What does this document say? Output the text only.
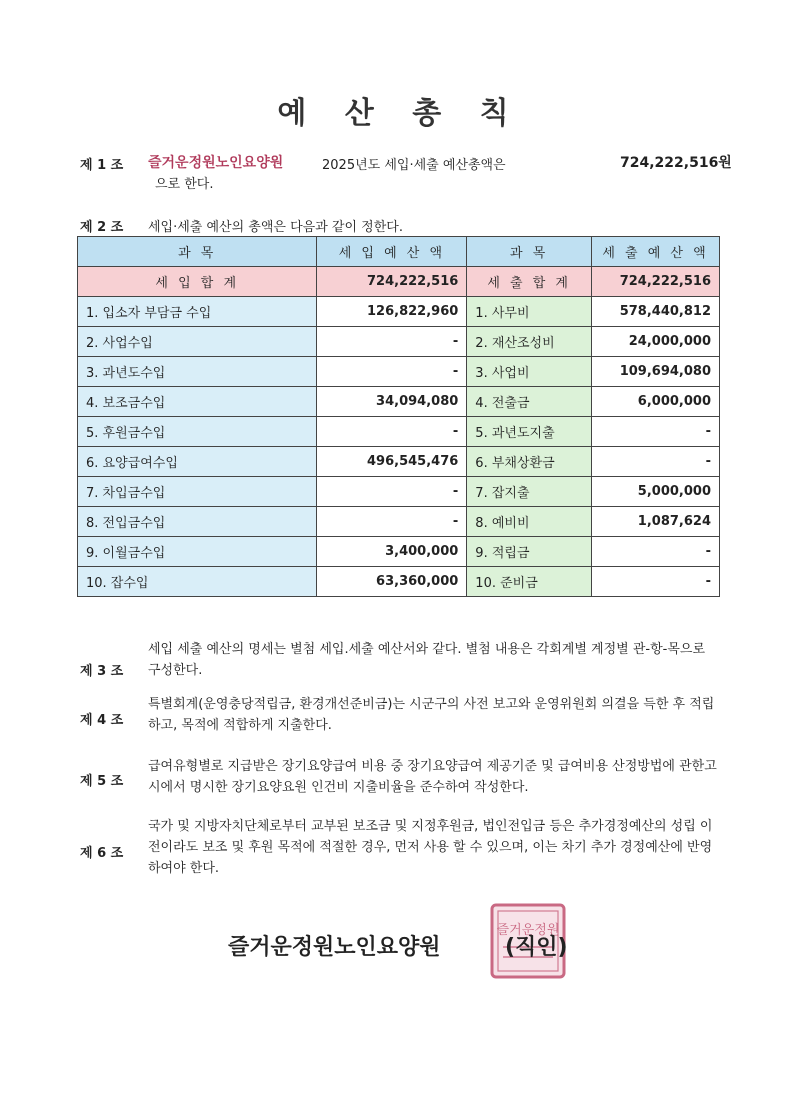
예 산 총 칙
제 1 조 즐거운정원노인요양원	2025년도 세입·세출 예산총액은	724,222,516원
으로 한다.
제 2 조 세입·세출 예산의 총액은 다음과 같이 정한다.
과 목	세 입 예 산 액	과 목	세 출 예 산 액
세 입 합 계	724,222,516	세 출 합 계	724,222,516
1. 입소자 부담금 수입	126,822,960	1. 사무비	578,440,812
2. 사업수입	-	2. 재산조성비	24,000,000
3. 과년도수입	-	3. 사업비	109,694,080
4. 보조금수입	34,094,080	4. 전출금	6,000,000
5. 후원금수입	-	5. 과년도지출	-
6. 요양급여수입	496,545,476	6. 부채상환금	-
7. 차입금수입	-	7. 잡지출	5,000,000
8. 전입금수입	-	8. 예비비	1,087,624
9. 이월금수입	3,400,000	9. 적립금	-
10. 잡수입	63,360,000	10. 준비금	-
제 3 조
세입 세출 예산의 명세는 별첨 세입.세출 예산서와 같다. 별첨 내용은 각회계별 계정별 관-항-목으로 구성한다.
제 4 조
특별회계(운영충당적립금, 환경개선준비금)는 시군구의 사전 보고와 운영위원회 의결을 득한 후 적립하고, 목적에 적합하게 지출한다.
제 5 조
급여유형별로 지급받은 장기요양급여 비용 중 장기요양급여 제공기준 및 급여비용 산정방법에 관한고시에서 명시한 장기요양요원 인건비 지출비율을 준수하여 작성한다.
제 6 조
국가 및 지방자치단체로부터 교부된 보조금 및 지정후원금, 법인전입금 등은 추가경정예산의 성립 이전이라도 보조 및 후원 목적에 적절한 경우, 먼저 사용 할 수 있으며, 이는 차기 추가 경정예산에 반영하여야 한다.
즐거운정원노인요양원
즐거운정원
(직인)
